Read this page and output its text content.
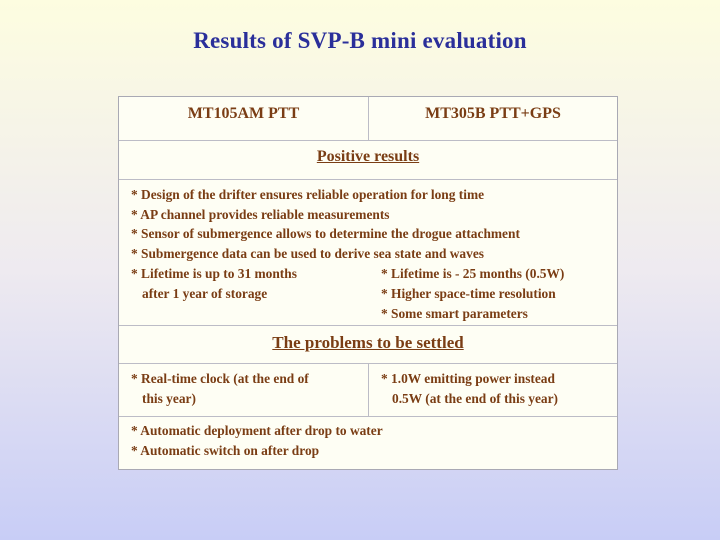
Results of SVP-B mini evaluation
MT105AM PTT	MT305B PTT+GPS
Positive results
* Design of the drifter ensures reliable operation for long time
* AP channel provides reliable measurements
* Sensor of submergence allows to determine the drogue attachment
* Submergence data can be used to derive sea state and waves
* Lifetime is up to 31 months
after 1 year of storage
* Lifetime is - 25 months (0.5W)
* Higher space-time resolution
* Some smart parameters
The problems to be settled
* Real-time clock (at the end of
this year)
* 1.0W emitting power instead
0.5W (at the end of this year)
* Automatic deployment after drop to water
* Automatic switch on after drop
